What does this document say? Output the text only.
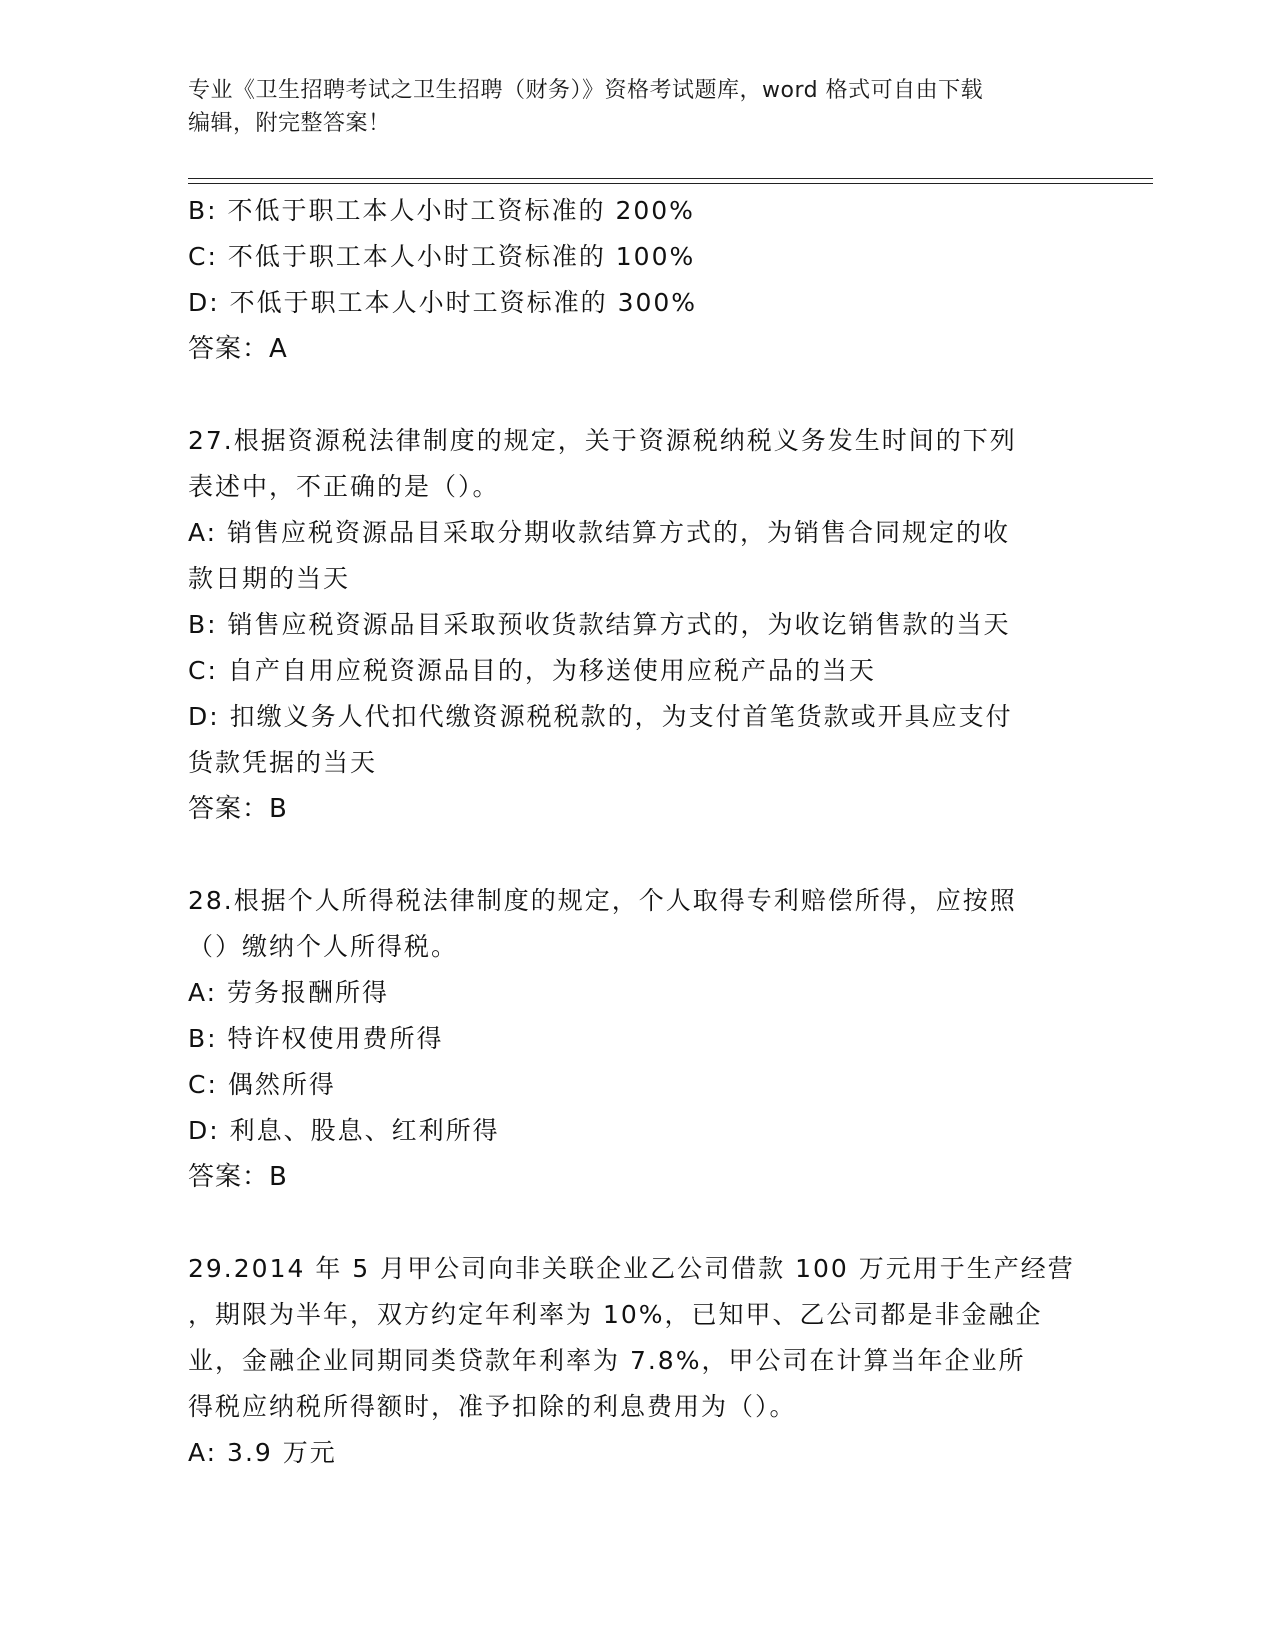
专业《卫生招聘考试之卫生招聘（财务）》资格考试题库，word 格式可自由下载
编辑，附完整答案！
B: 不低于职工本人小时工资标准的 200%
C: 不低于职工本人小时工资标准的 100%
D: 不低于职工本人小时工资标准的 300%
答案：A
27.根据资源税法律制度的规定，关于资源税纳税义务发生时间的下列
表述中，不正确的是（）。
A: 销售应税资源品目采取分期收款结算方式的，为销售合同规定的收
款日期的当天
B: 销售应税资源品目采取预收货款结算方式的，为收讫销售款的当天
C: 自产自用应税资源品目的，为移送使用应税产品的当天
D: 扣缴义务人代扣代缴资源税税款的，为支付首笔货款或开具应支付
货款凭据的当天
答案：B
28.根据个人所得税法律制度的规定，个人取得专利赔偿所得，应按照
（）缴纳个人所得税。
A: 劳务报酬所得
B: 特许权使用费所得
C: 偶然所得
D: 利息、股息、红利所得
答案：B
29.2014 年 5 月甲公司向非关联企业乙公司借款 100 万元用于生产经营
，期限为半年，双方约定年利率为 10%，已知甲、乙公司都是非金融企
业，金融企业同期同类贷款年利率为 7.8%，甲公司在计算当年企业所
得税应纳税所得额时，准予扣除的利息费用为（）。
A: 3.9 万元
